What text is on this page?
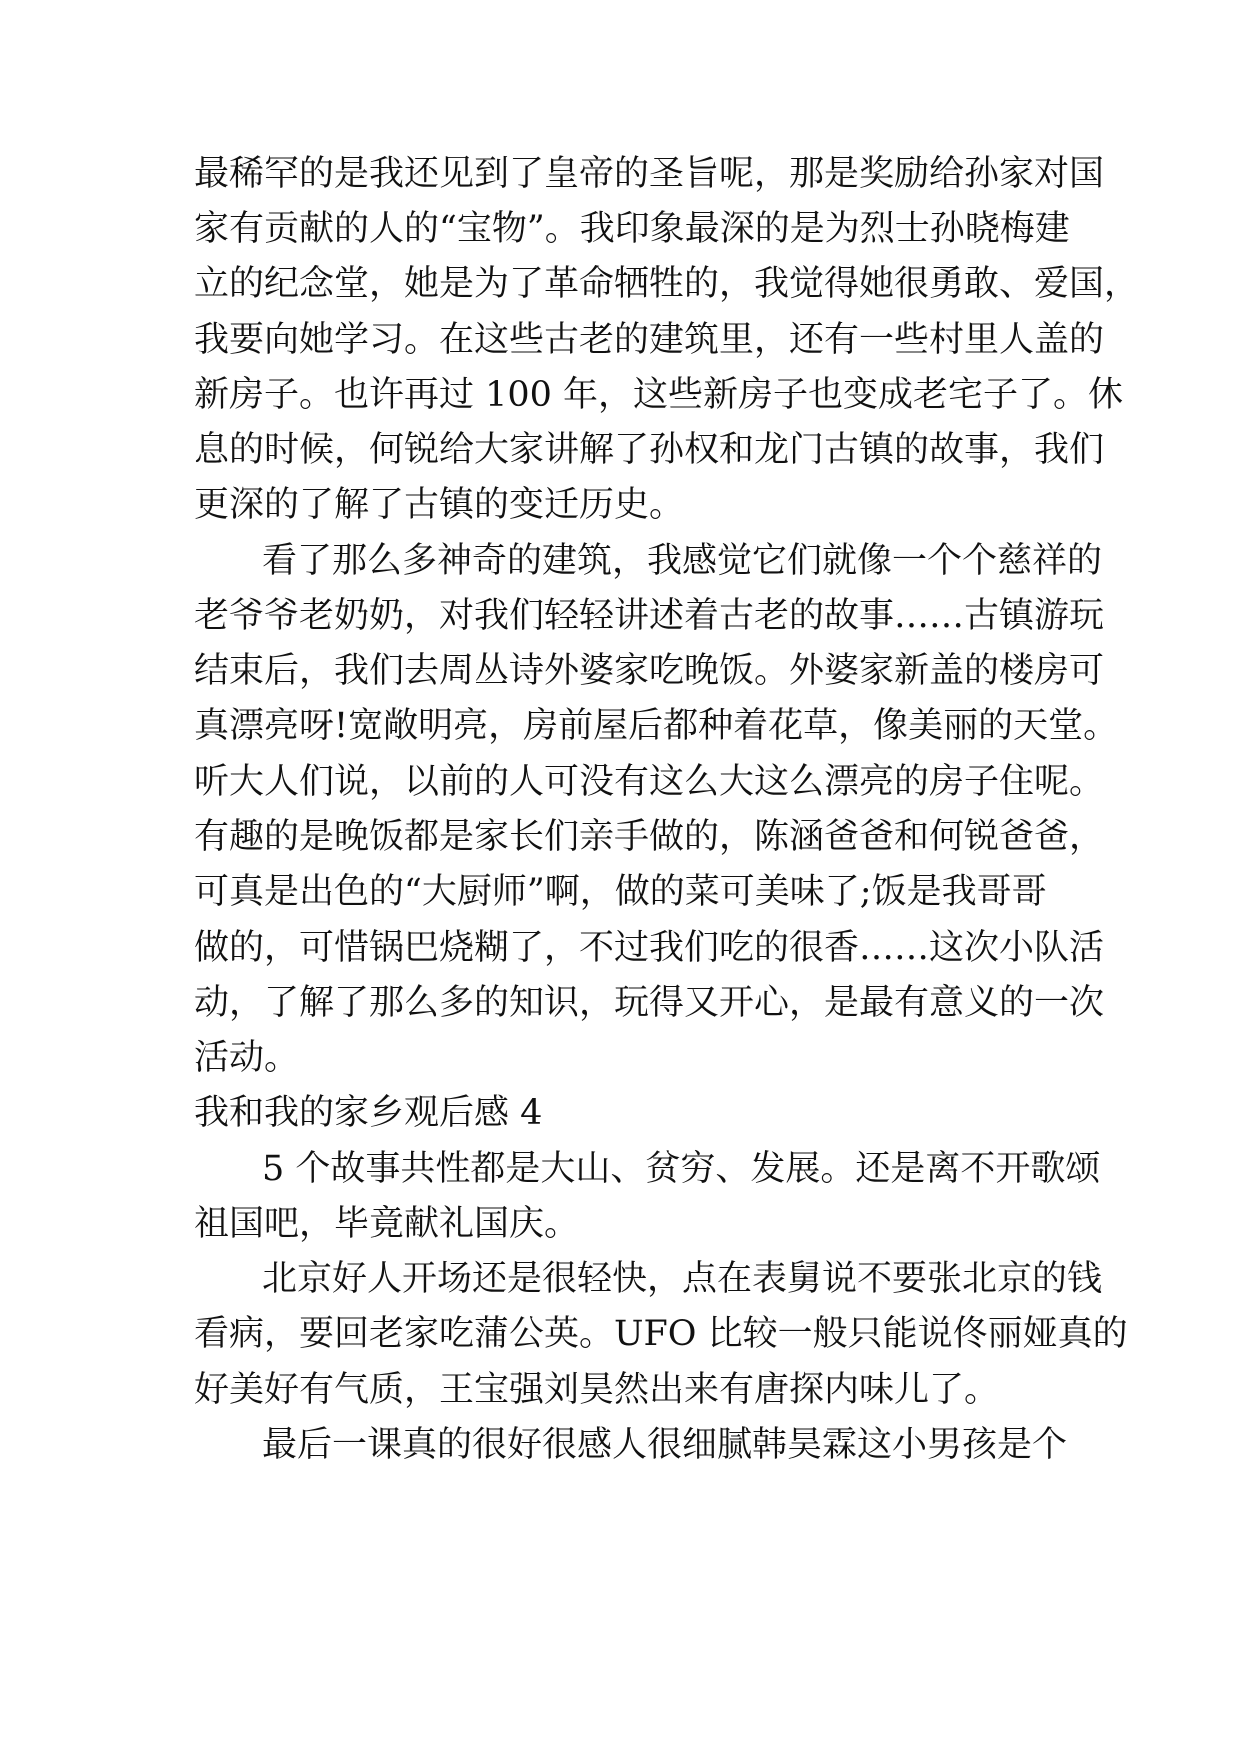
最稀罕的是我还见到了皇帝的圣旨呢，那是奖励给孙家对国
家有贡献的人的“宝物”。我印象最深的是为烈士孙晓梅建
立的纪念堂，她是为了革命牺牲的，我觉得她很勇敢、爱国，
我要向她学习。在这些古老的建筑里，还有一些村里人盖的
新房子。也许再过 100 年，这些新房子也变成老宅子了。休
息的时候，何锐给大家讲解了孙权和龙门古镇的故事，我们
更深的了解了古镇的变迁历史。
看了那么多神奇的建筑，我感觉它们就像一个个慈祥的
老爷爷老奶奶，对我们轻轻讲述着古老的故事……古镇游玩
结束后，我们去周丛诗外婆家吃晚饭。外婆家新盖的楼房可
真漂亮呀!宽敞明亮，房前屋后都种着花草，像美丽的天堂。
听大人们说，以前的人可没有这么大这么漂亮的房子住呢。
有趣的是晚饭都是家长们亲手做的，陈涵爸爸和何锐爸爸，
可真是出色的“大厨师”啊，做的菜可美味了;饭是我哥哥
做的，可惜锅巴烧糊了，不过我们吃的很香……这次小队活
动，了解了那么多的知识，玩得又开心，是最有意义的一次
活动。
我和我的家乡观后感 4
5 个故事共性都是大山、贫穷、发展。还是离不开歌颂
祖国吧，毕竟献礼国庆。
北京好人开场还是很轻快，点在表舅说不要张北京的钱
看病，要回老家吃蒲公英。UFO 比较一般只能说佟丽娅真的
好美好有气质，王宝强刘昊然出来有唐探内味儿了。
最后一课真的很好很感人很细腻韩昊霖这小男孩是个
